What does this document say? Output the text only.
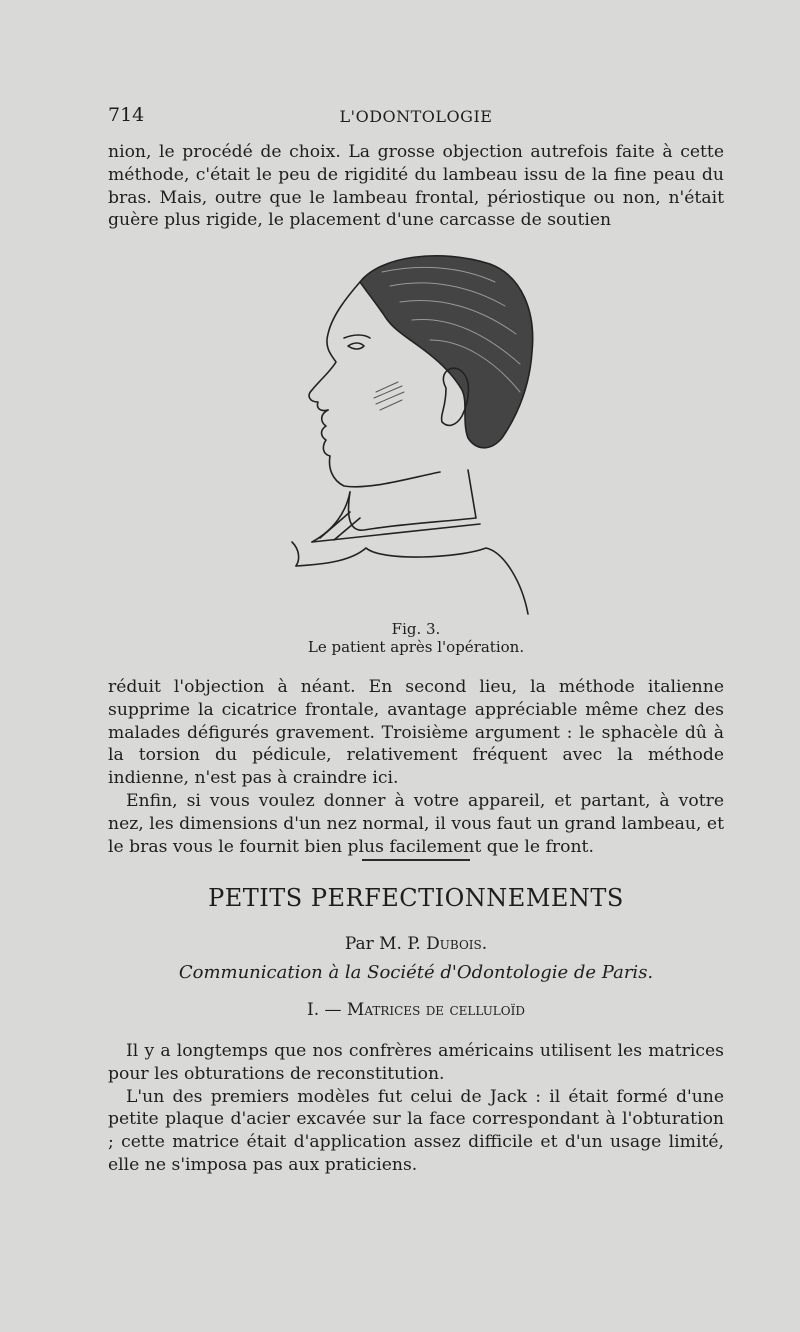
714	L'ODONTOLOGIE

nion, le procédé de choix. La grosse objection autrefois faite à cette méthode, c'était le peu de rigidité du lambeau issu de la fine peau du bras. Mais, outre que le lambeau frontal, périostique ou non, n'était guère plus rigide, le placement d'une carcasse de soutien

Fig. 3.
Le patient après l'opération.

réduit l'objection à néant. En second lieu, la méthode italienne supprime la cicatrice frontale, avantage appréciable même chez des malades défigurés gravement. Troisième argument : le sphacèle dû à la torsion du pédicule, relativement fréquent avec la méthode indienne, n'est pas à craindre ici.

Enfin, si vous voulez donner à votre appareil, et partant, à votre nez, les dimensions d'un nez normal, il vous faut un grand lambeau, et le bras vous le fournit bien plus facilement que le front.

PETITS PERFECTIONNEMENTS
Par M. P. Dubois.
Communication à la Société d'Odontologie de Paris.
I. — Matrices de celluloïd

Il y a longtemps que nos confrères américains utilisent les matrices pour les obturations de reconstitution.

L'un des premiers modèles fut celui de Jack : il était formé d'une petite plaque d'acier excavée sur la face correspondant à l'obturation ; cette matrice était d'application assez difficile et d'un usage limité, elle ne s'imposa pas aux praticiens.
